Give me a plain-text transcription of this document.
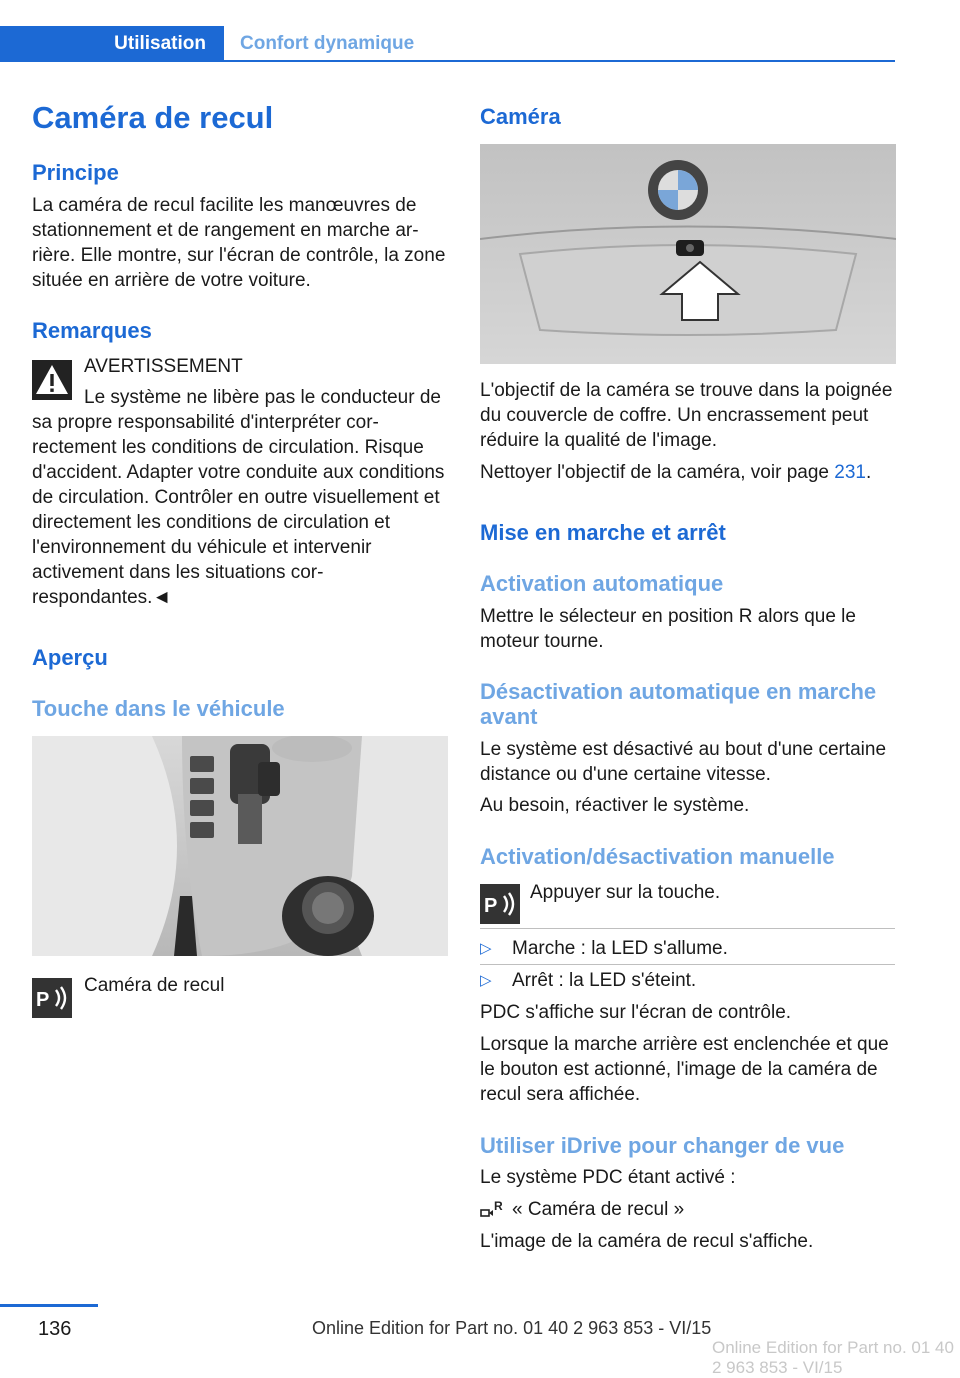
Utilisation Confort dynamique
Caméra de recul
Principe

La caméra de recul facilite les manœuvres de stationnement et de rangement en marche arrière. Elle montre, sur l'écran de contrôle, la zone située en arrière de votre voiture.

Remarques

AVERTISSEMENT

Le système ne libère pas le conducteur de sa propre responsabilité d'interpréter correctement les conditions de circulation. Risque d'accident. Adapter votre conduite aux conditions de circulation. Contrôler en outre visuellement et directement les conditions de circulation et l'environnement du véhicule et intervenir activement dans les situations correspondantes.◄

Aperçu
Touche dans le véhicule
P

Caméra de recul

Caméra

L'objectif de la caméra se trouve dans la poignée du couvercle de coffre. Un encrassement peut réduire la qualité de l'image.

Nettoyer l'objectif de la caméra, voir page 231.

Mise en marche et arrêt
Activation automatique

Mettre le sélecteur en position R alors que le moteur tourne.

Désactivation automatique en marche avant

Le système est désactivé au bout d'une certaine distance ou d'une certaine vitesse.

Au besoin, réactiver le système.

Activation/désactivation manuelle
P

Appuyer sur la touche.

▷	Marche : la LED s'allume.
▷	Arrêt : la LED s'éteint.

PDC s'affiche sur l'écran de contrôle.

Lorsque la marche arrière est enclenchée et que le bouton est actionné, l'image de la caméra de recul sera affichée.

Utiliser iDrive pour changer de vue

Le système PDC étant activé :

R « Caméra de recul »

L'image de la caméra de recul s'affiche.

136	Online Edition for Part no. 01 40 2 963 853 - VI/15
Online Edition for Part no. 01 40 2 963 853 - VI/15
